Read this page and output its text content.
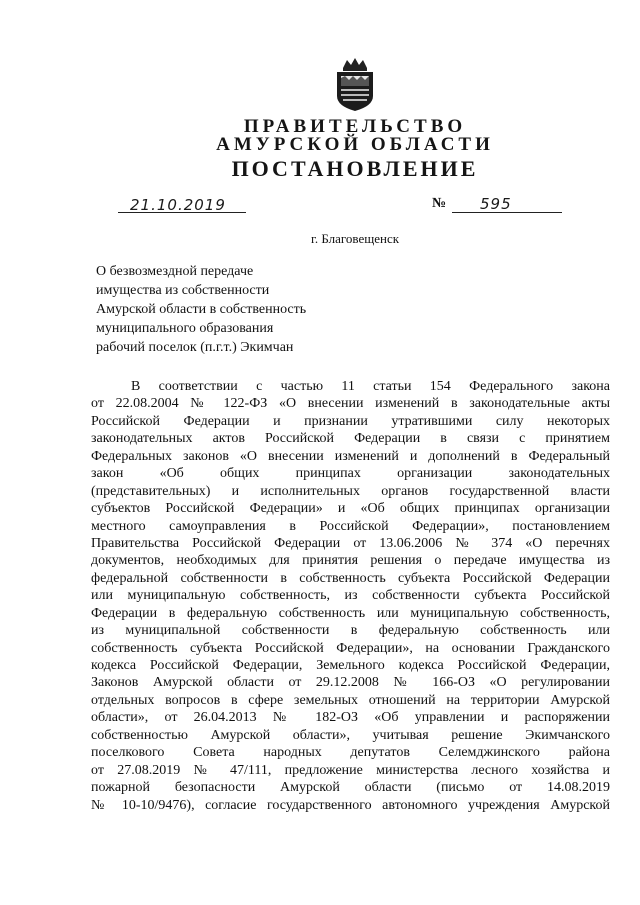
ПРАВИТЕЛЬСТВО
АМУРСКОЙ ОБЛАСТИ
ПОСТАНОВЛЕНИЕ
21.10.2019	№ 595
г. Благовещенск
О безвозмездной передаче
имущества из собственности
Амурской области в собственность
муниципального образования
рабочий поселок (п.г.т.) Экимчан
В соответствии с частью 11 статьи 154 Федерального закона
от 22.08.2004 № 122-ФЗ «О внесении изменений в законодательные акты
Российской Федерации и признании утратившими силу некоторых
законодательных актов Российской Федерации в связи с принятием
Федеральных законов «О внесении изменений и дополнений в Федеральный
закон «Об общих принципах организации законодательных
(представительных) и исполнительных органов государственной власти
субъектов Российской Федерации» и «Об общих принципах организации
местного самоуправления в Российской Федерации», постановлением
Правительства Российской Федерации от 13.06.2006 № 374 «О перечнях
документов, необходимых для принятия решения о передаче имущества из
федеральной собственности в собственность субъекта Российской Федерации
или муниципальную собственность, из собственности субъекта Российской
Федерации в федеральную собственность или муниципальную собственность,
из муниципальной собственности в федеральную собственность или
собственность субъекта Российской Федерации», на основании Гражданского
кодекса Российской Федерации, Земельного кодекса Российской Федерации,
Законов Амурской области от 29.12.2008 № 166-ОЗ «О регулировании
отдельных вопросов в сфере земельных отношений на территории Амурской
области», от 26.04.2013 № 182-ОЗ «Об управлении и распоряжении
собственностью Амурской области», учитывая решение Экимчанского
поселкового Совета народных депутатов Селемджинского района
от 27.08.2019 № 47/111, предложение министерства лесного хозяйства и
пожарной безопасности Амурской области (письмо от 14.08.2019
№ 10-10/9476), согласие государственного автономного учреждения Амурской
